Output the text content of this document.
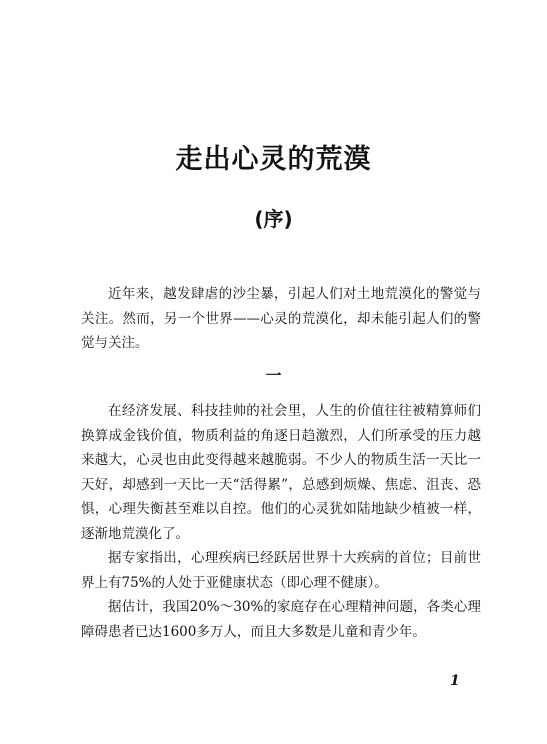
走出心灵的荒漠
(序)
近年来，越发肆虐的沙尘暴，引起人们对土地荒漠化的警觉与关注。然而，另一个世界——心灵的荒漠化，却未能引起人们的警觉与关注。
一

在经济发展、科技挂帅的社会里，人生的价值往往被精算师们换算成金钱价值，物质利益的角逐日趋激烈，人们所承受的压力越来越大，心灵也由此变得越来越脆弱。不少人的物质生活一天比一天好，却感到一天比一天“活得累”，总感到烦燥、焦虑、沮丧、恐惧，心理失衡甚至难以自控。他们的心灵犹如陆地缺少植被一样，逐渐地荒漠化了。

据专家指出，心理疾病已经跃居世界十大疾病的首位；目前世界上有75%的人处于亚健康状态（即心理不健康）。

据估计，我国20%～30%的家庭存在心理精神问题，各类心理障碍患者已达1600多万人，而且大多数是儿童和青少年。

1
